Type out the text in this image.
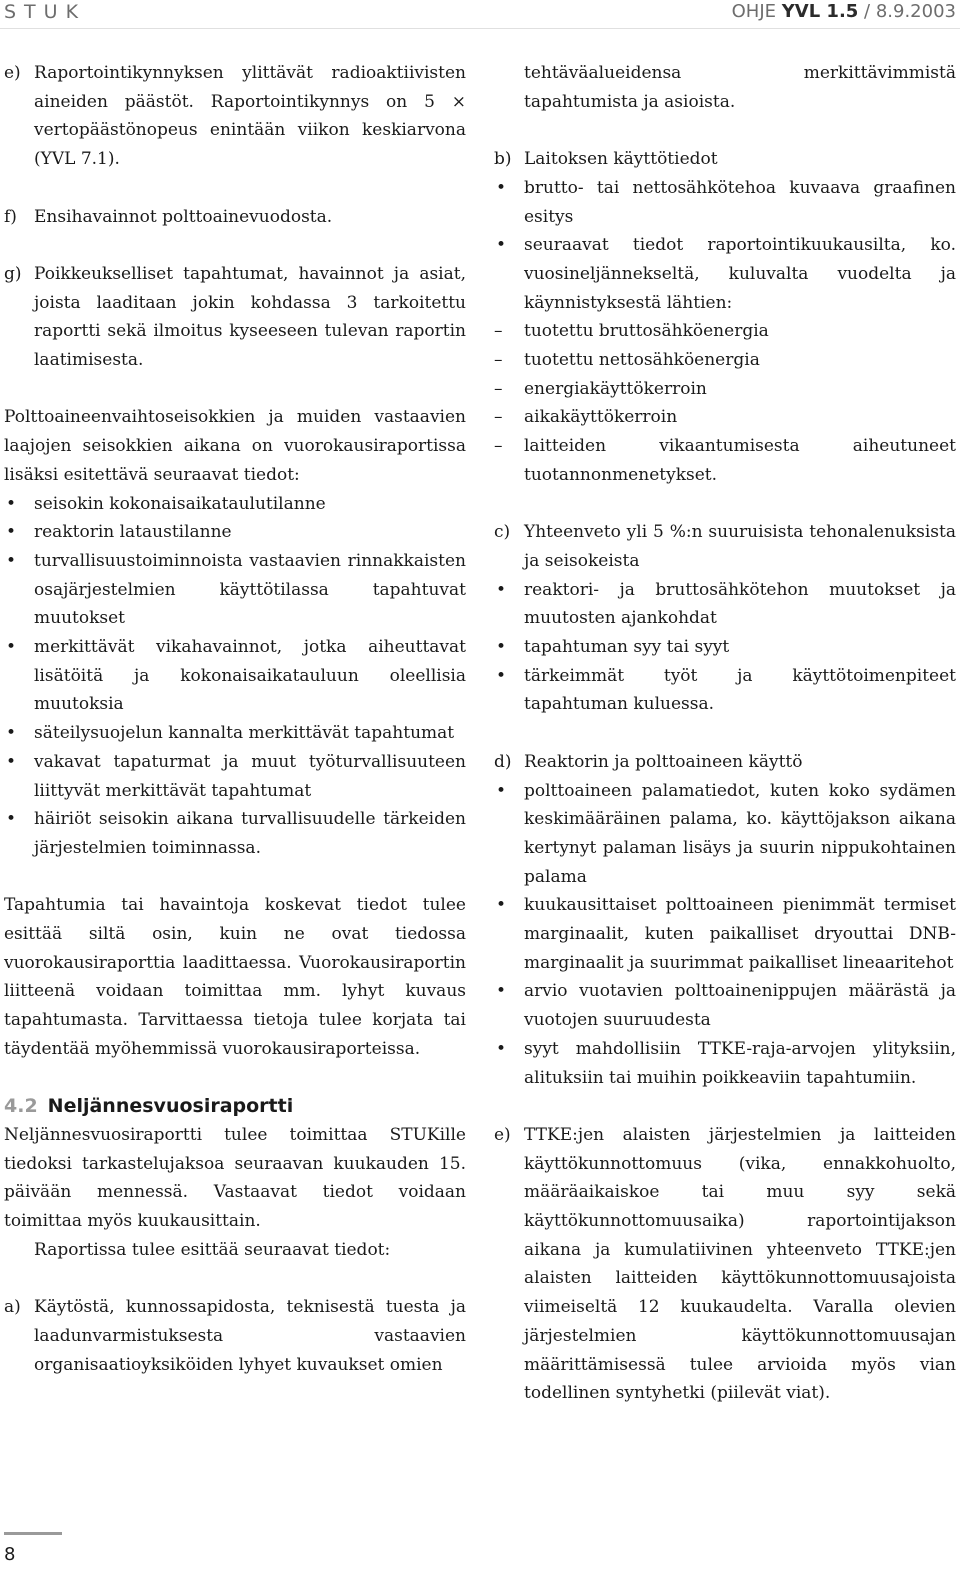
STUK	OHJE YVL 1.5 / 8.9.2003
e) Raportointikynnyksen ylittävät radioaktiivisten aineiden päästöt. Raportointikynnys on 5 × vertopäästönopeus enintään viikon keskiarvona (YVL 7.1).
f) Ensihavainnot polttoainevuodosta.
g) Poikkeukselliset tapahtumat, havainnot ja asiat, joista laaditaan jokin kohdassa 3 tarkoitettu raportti sekä ilmoitus kyseeseen tulevan raportin laatimisesta.

Polttoaineenvaihtoseisokkien ja muiden vastaavien laajojen seisokkien aikana on vuorokausiraportissa lisäksi esitettävä seuraavat tiedot:

• seisokin kokonaisaikataulutilanne
• reaktorin lataustilanne
• turvallisuustoiminnoista vastaavien rinnakkaisten osajärjestelmien käyttötilassa tapahtuvat muutokset
• merkittävät vikahavainnot, jotka aiheuttavat lisätöitä ja kokonaisaikatauluun oleellisia muutoksia
• säteilysuojelun kannalta merkittävät tapahtumat
• vakavat tapaturmat ja muut työturvallisuuteen liittyvät merkittävät tapahtumat
• häiriöt seisokin aikana turvallisuudelle tärkeiden järjestelmien toiminnassa.

Tapahtumia tai havaintoja koskevat tiedot tulee esittää siltä osin, kuin ne ovat tiedossa vuorokausiraporttia laadittaessa. Vuorokausiraportin liitteenä voidaan toimittaa mm. lyhyt kuvaus tapahtumasta. Tarvittaessa tietoja tulee korjata tai täydentää myöhemmissä vuorokausiraporteissa.

4.2 Neljännesvuosiraportti

Neljännesvuosiraportti tulee toimittaa STUKille tiedoksi tarkastelujaksoa seuraavan kuukauden 15. päivään mennessä. Vastaavat tiedot voidaan toimittaa myös kuukausittain.

Raportissa tulee esittää seuraavat tiedot:

a) Käytöstä, kunnossapidosta, teknisestä tuesta ja laadunvarmistuksesta vastaavien organisaatioyksiköiden lyhyet kuvaukset omien
tehtäväalueidensa merkittävimmistä tapahtumista ja asioista.
b) Laitoksen käyttötiedot
• brutto- tai nettosähkötehoa kuvaava graafinen esitys
• seuraavat tiedot raportointikuukausilta, ko. vuosineljännekseltä, kuluvalta vuodelta ja käynnistyksestä lähtien:
– tuotettu bruttosähköenergia
– tuotettu nettosähköenergia
– energiakäyttökerroin
– aikakäyttökerroin
– laitteiden vikaantumisesta aiheutuneet tuotannonmenetykset.
c) Yhteenveto yli 5 %:n suuruisista tehonalenuksista ja seisokeista
• reaktori- ja bruttosähkötehon muutokset ja muutosten ajankohdat
• tapahtuman syy tai syyt
• tärkeimmät työt ja käyttötoimenpiteet tapahtuman kuluessa.
d) Reaktorin ja polttoaineen käyttö
• polttoaineen palamatiedot, kuten koko sydämen keskimääräinen palama, ko. käyttöjakson aikana kertynyt palaman lisäys ja suurin nippukohtainen palama
• kuukausittaiset polttoaineen pienimmät termiset marginaalit, kuten paikalliset dryouttai DNB-marginaalit ja suurimmat paikalliset lineaaritehot
• arvio vuotavien polttoainenippujen määrästä ja vuotojen suuruudesta
• syyt mahdollisiin TTKE-raja-arvojen ylityksiin, alituksiin tai muihin poikkeaviin tapahtumiin.
e) TTKE:jen alaisten järjestelmien ja laitteiden käyttökunnottomuus (vika, ennakkohuolto, määräaikaiskoe tai muu syy sekä käyttökunnottomuusaika) raportointijakson aikana ja kumulatiivinen yhteenveto TTKE:jen alaisten laitteiden käyttökunnottomuusajoista viimeiseltä 12 kuukaudelta. Varalla olevien järjestelmien käyttökunnottomuusajan määrittämisessä tulee arvioida myös vian todellinen syntyhetki (piilevät viat).
8
